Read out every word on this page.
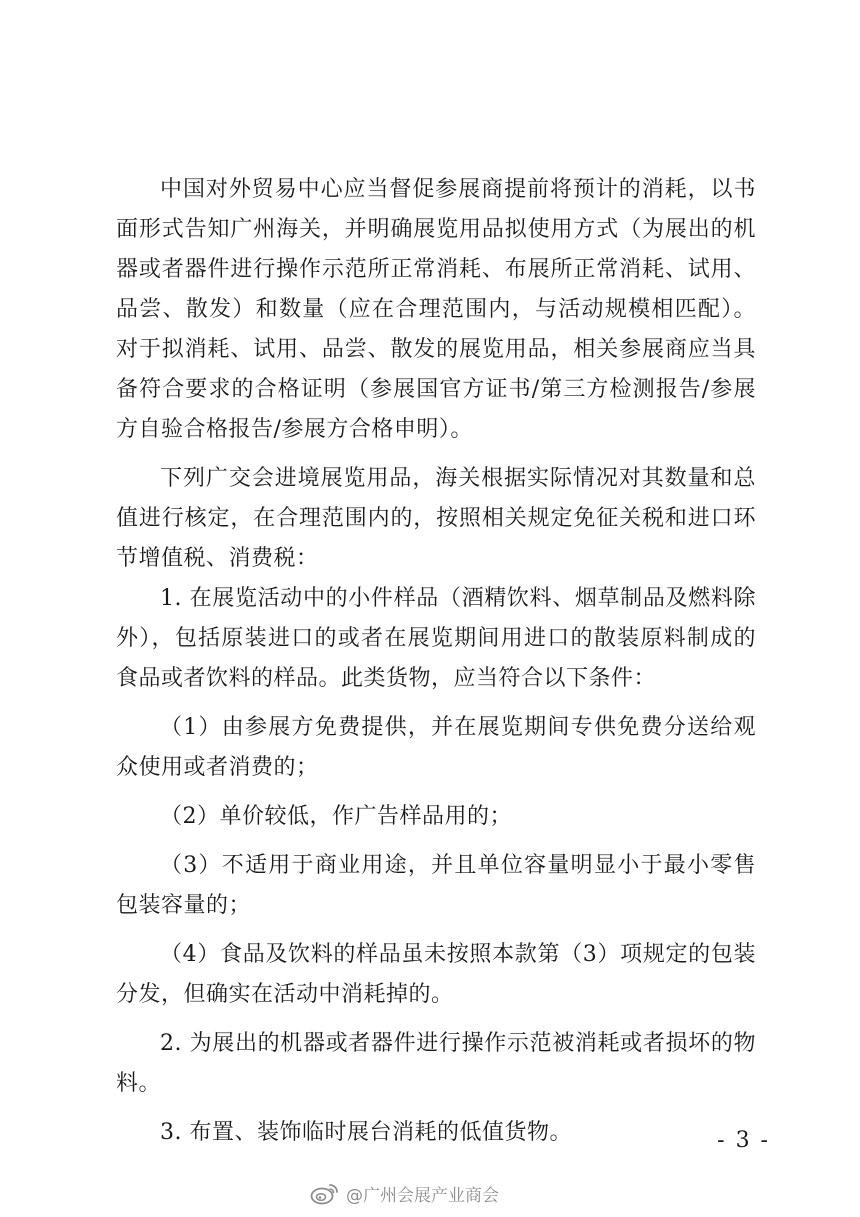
中国对外贸易中心应当督促参展商提前将预计的消耗，以书面形式告知广州海关，并明确展览用品拟使用方式（为展出的机器或者器件进行操作示范所正常消耗、布展所正常消耗、试用、品尝、散发）和数量（应在合理范围内，与活动规模相匹配）。对于拟消耗、试用、品尝、散发的展览用品，相关参展商应当具备符合要求的合格证明（参展国官方证书/第三方检测报告/参展方自验合格报告/参展方合格申明）。

下列广交会进境展览用品，海关根据实际情况对其数量和总值进行核定，在合理范围内的，按照相关规定免征关税和进口环节增值税、消费税：

1. 在展览活动中的小件样品（酒精饮料、烟草制品及燃料除外），包括原装进口的或者在展览期间用进口的散装原料制成的食品或者饮料的样品。此类货物，应当符合以下条件：

（1）由参展方免费提供，并在展览期间专供免费分送给观众使用或者消费的；

（2）单价较低，作广告样品用的；

（3）不适用于商业用途，并且单位容量明显小于最小零售包装容量的；

（4）食品及饮料的样品虽未按照本款第（3）项规定的包装分发，但确实在活动中消耗掉的。

2. 为展出的机器或者器件进行操作示范被消耗或者损坏的物料。

3. 布置、装饰临时展台消耗的低值货物。	- 3 -
@广州会展产业商会
